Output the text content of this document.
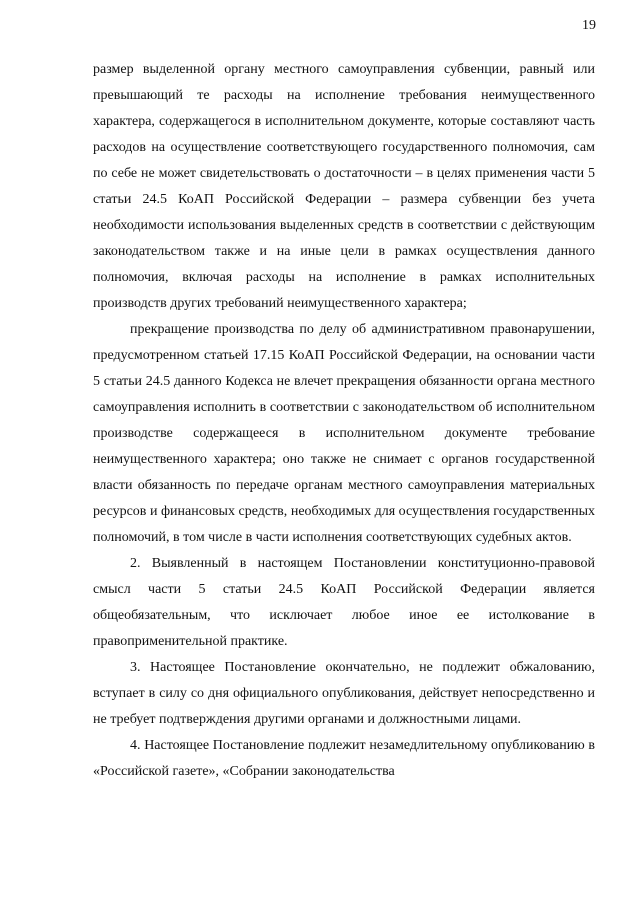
19

размер выделенной органу местного самоуправления субвенции, равный или превышающий те расходы на исполнение требования неимущественного характера, содержащегося в исполнительном документе, которые составляют часть расходов на осуществление соответствующего государственного полномочия, сам по себе не может свидетельствовать о достаточности – в целях применения части 5 статьи 24.5 КоАП Российской Федерации – размера субвенции без учета необходимости использования выделенных средств в соответствии с действующим законодательством также и на иные цели в рамках осуществления данного полномочия, включая расходы на исполнение в рамках исполнительных производств других требований неимущественного характера;

прекращение производства по делу об административном правонарушении, предусмотренном статьей 17.15 КоАП Российской Федерации, на основании части 5 статьи 24.5 данного Кодекса не влечет прекращения обязанности органа местного самоуправления исполнить в соответствии с законодательством об исполнительном производстве содержащееся в исполнительном документе требование неимущественного характера; оно также не снимает с органов государственной власти обязанность по передаче органам местного самоуправления материальных ресурсов и финансовых средств, необходимых для осуществления государственных полномочий, в том числе в части исполнения соответствующих судебных актов.

2. Выявленный в настоящем Постановлении конституционно-правовой смысл части 5 статьи 24.5 КоАП Российской Федерации является общеобязательным, что исключает любое иное ее истолкование в правоприменительной практике.

3. Настоящее Постановление окончательно, не подлежит обжалованию, вступает в силу со дня официального опубликования, действует непосредственно и не требует подтверждения другими органами и должностными лицами.

4. Настоящее Постановление подлежит незамедлительному опубликованию в «Российской газете», «Собрании законодательства
